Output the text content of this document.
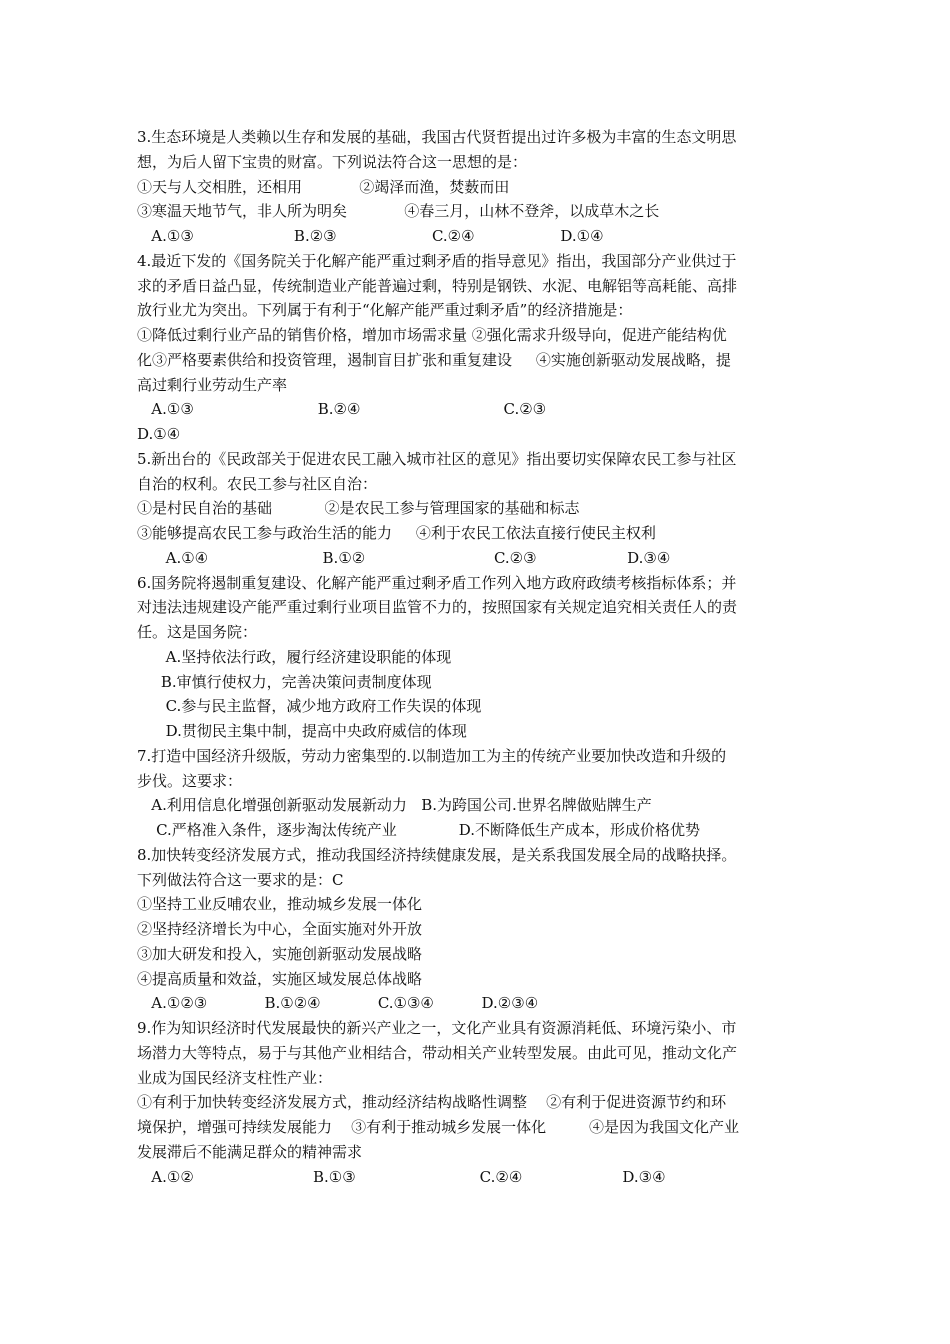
3.生态环境是人类赖以生存和发展的基础，我国古代贤哲提出过许多极为丰富的生态文明思
想，为后人留下宝贵的财富。下列说法符合这一思想的是：
①天与人交相胜，还相用            ②竭泽而渔，焚薮而田
③寒温天地节气，非人所为明矣            ④春三月，山林不登斧，以成草木之长
A.①③                     B.②③                    C.②④                  D.①④
4.最近下发的《国务院关于化解产能严重过剩矛盾的指导意见》指出，我国部分产业供过于
求的矛盾日益凸显，传统制造业产能普遍过剩，特别是钢铁、水泥、电解铝等高耗能、高排
放行业尤为突出。下列属于有利于“化解产能严重过剩矛盾”的经济措施是：
①降低过剩行业产品的销售价格，增加市场需求量 ②强化需求升级导向，促进产能结构优
化③严格要素供给和投资管理，遏制盲目扩张和重复建设     ④实施创新驱动发展战略，提
高过剩行业劳动生产率
A.①③                          B.②④                              C.②③
D.①④
5.新出台的《民政部关于促进农民工融入城市社区的意见》指出要切实保障农民工参与社区
自治的权利。农民工参与社区自治：
①是村民自治的基础           ②是农民工参与管理国家的基础和标志
③能够提高农民工参与政治生活的能力     ④利于农民工依法直接行使民主权利
A.①④                        B.①②                           C.②③                   D.③④
6.国务院将遏制重复建设、化解产能严重过剩矛盾工作列入地方政府政绩考核指标体系；并
对违法违规建设产能严重过剩行业项目监管不力的，按照国家有关规定追究相关责任人的责
任。这是国务院：
A.坚持依法行政，履行经济建设职能的体现
B.审慎行使权力，完善决策问责制度体现
C.参与民主监督，减少地方政府工作失误的体现
D.贯彻民主集中制，提高中央政府威信的体现
7.打造中国经济升级版，劳动力密集型的.以制造加工为主的传统产业要加快改造和升级的
步伐。这要求：
A.利用信息化增强创新驱动发展新动力   B.为跨国公司.世界名牌做贴牌生产
C.严格准入条件，逐步淘汰传统产业             D.不断降低生产成本，形成价格优势
8.加快转变经济发展方式，推动我国经济持续健康发展，是关系我国发展全局的战略抉择。
下列做法符合这一要求的是：C
①坚持工业反哺农业，推动城乡发展一体化
②坚持经济增长为中心，全面实施对外开放
③加大研发和投入，实施创新驱动发展战略
④提高质量和效益，实施区域发展总体战略
A.①②③            B.①②④            C.①③④          D.②③④
9.作为知识经济时代发展最快的新兴产业之一，文化产业具有资源消耗低、环境污染小、市
场潜力大等特点，易于与其他产业相结合，带动相关产业转型发展。由此可见，推动文化产
业成为国民经济支柱性产业：
①有利于加快转变经济发展方式，推动经济结构战略性调整    ②有利于促进资源节约和环
境保护，增强可持续发展能力    ③有利于推动城乡发展一体化         ④是因为我国文化产业
发展滞后不能满足群众的精神需求
A.①②                         B.①③                          C.②④                     D.③④
